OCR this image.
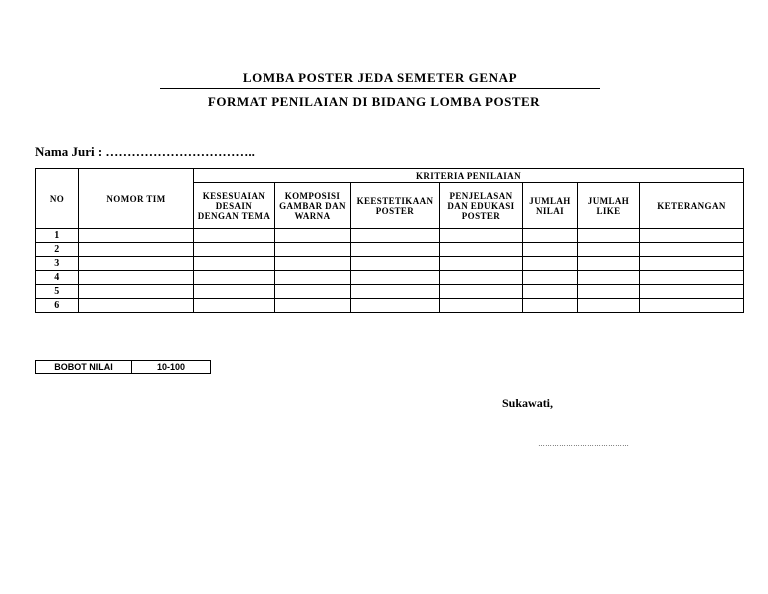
LOMBA POSTER JEDA SEMETER GENAP
FORMAT PENILAIAN DI BIDANG LOMBA POSTER
Nama Juri : ……………………………..
NO	NOMOR TIM	KRITERIA PENILAIAN						
		KESESUAIAN DESAIN DENGAN TEMA	KOMPOSISI GAMBAR DAN WARNA	KEESTETIKAAN POSTER	PENJELASAN DAN EDUKASI POSTER	JUMLAH NILAI	JUMLAH LIKE	KETERANGAN
1								
2								
3								
4								
5								
6								
BOBOT NILAI	10-100
Sukawati,
…………………………………
